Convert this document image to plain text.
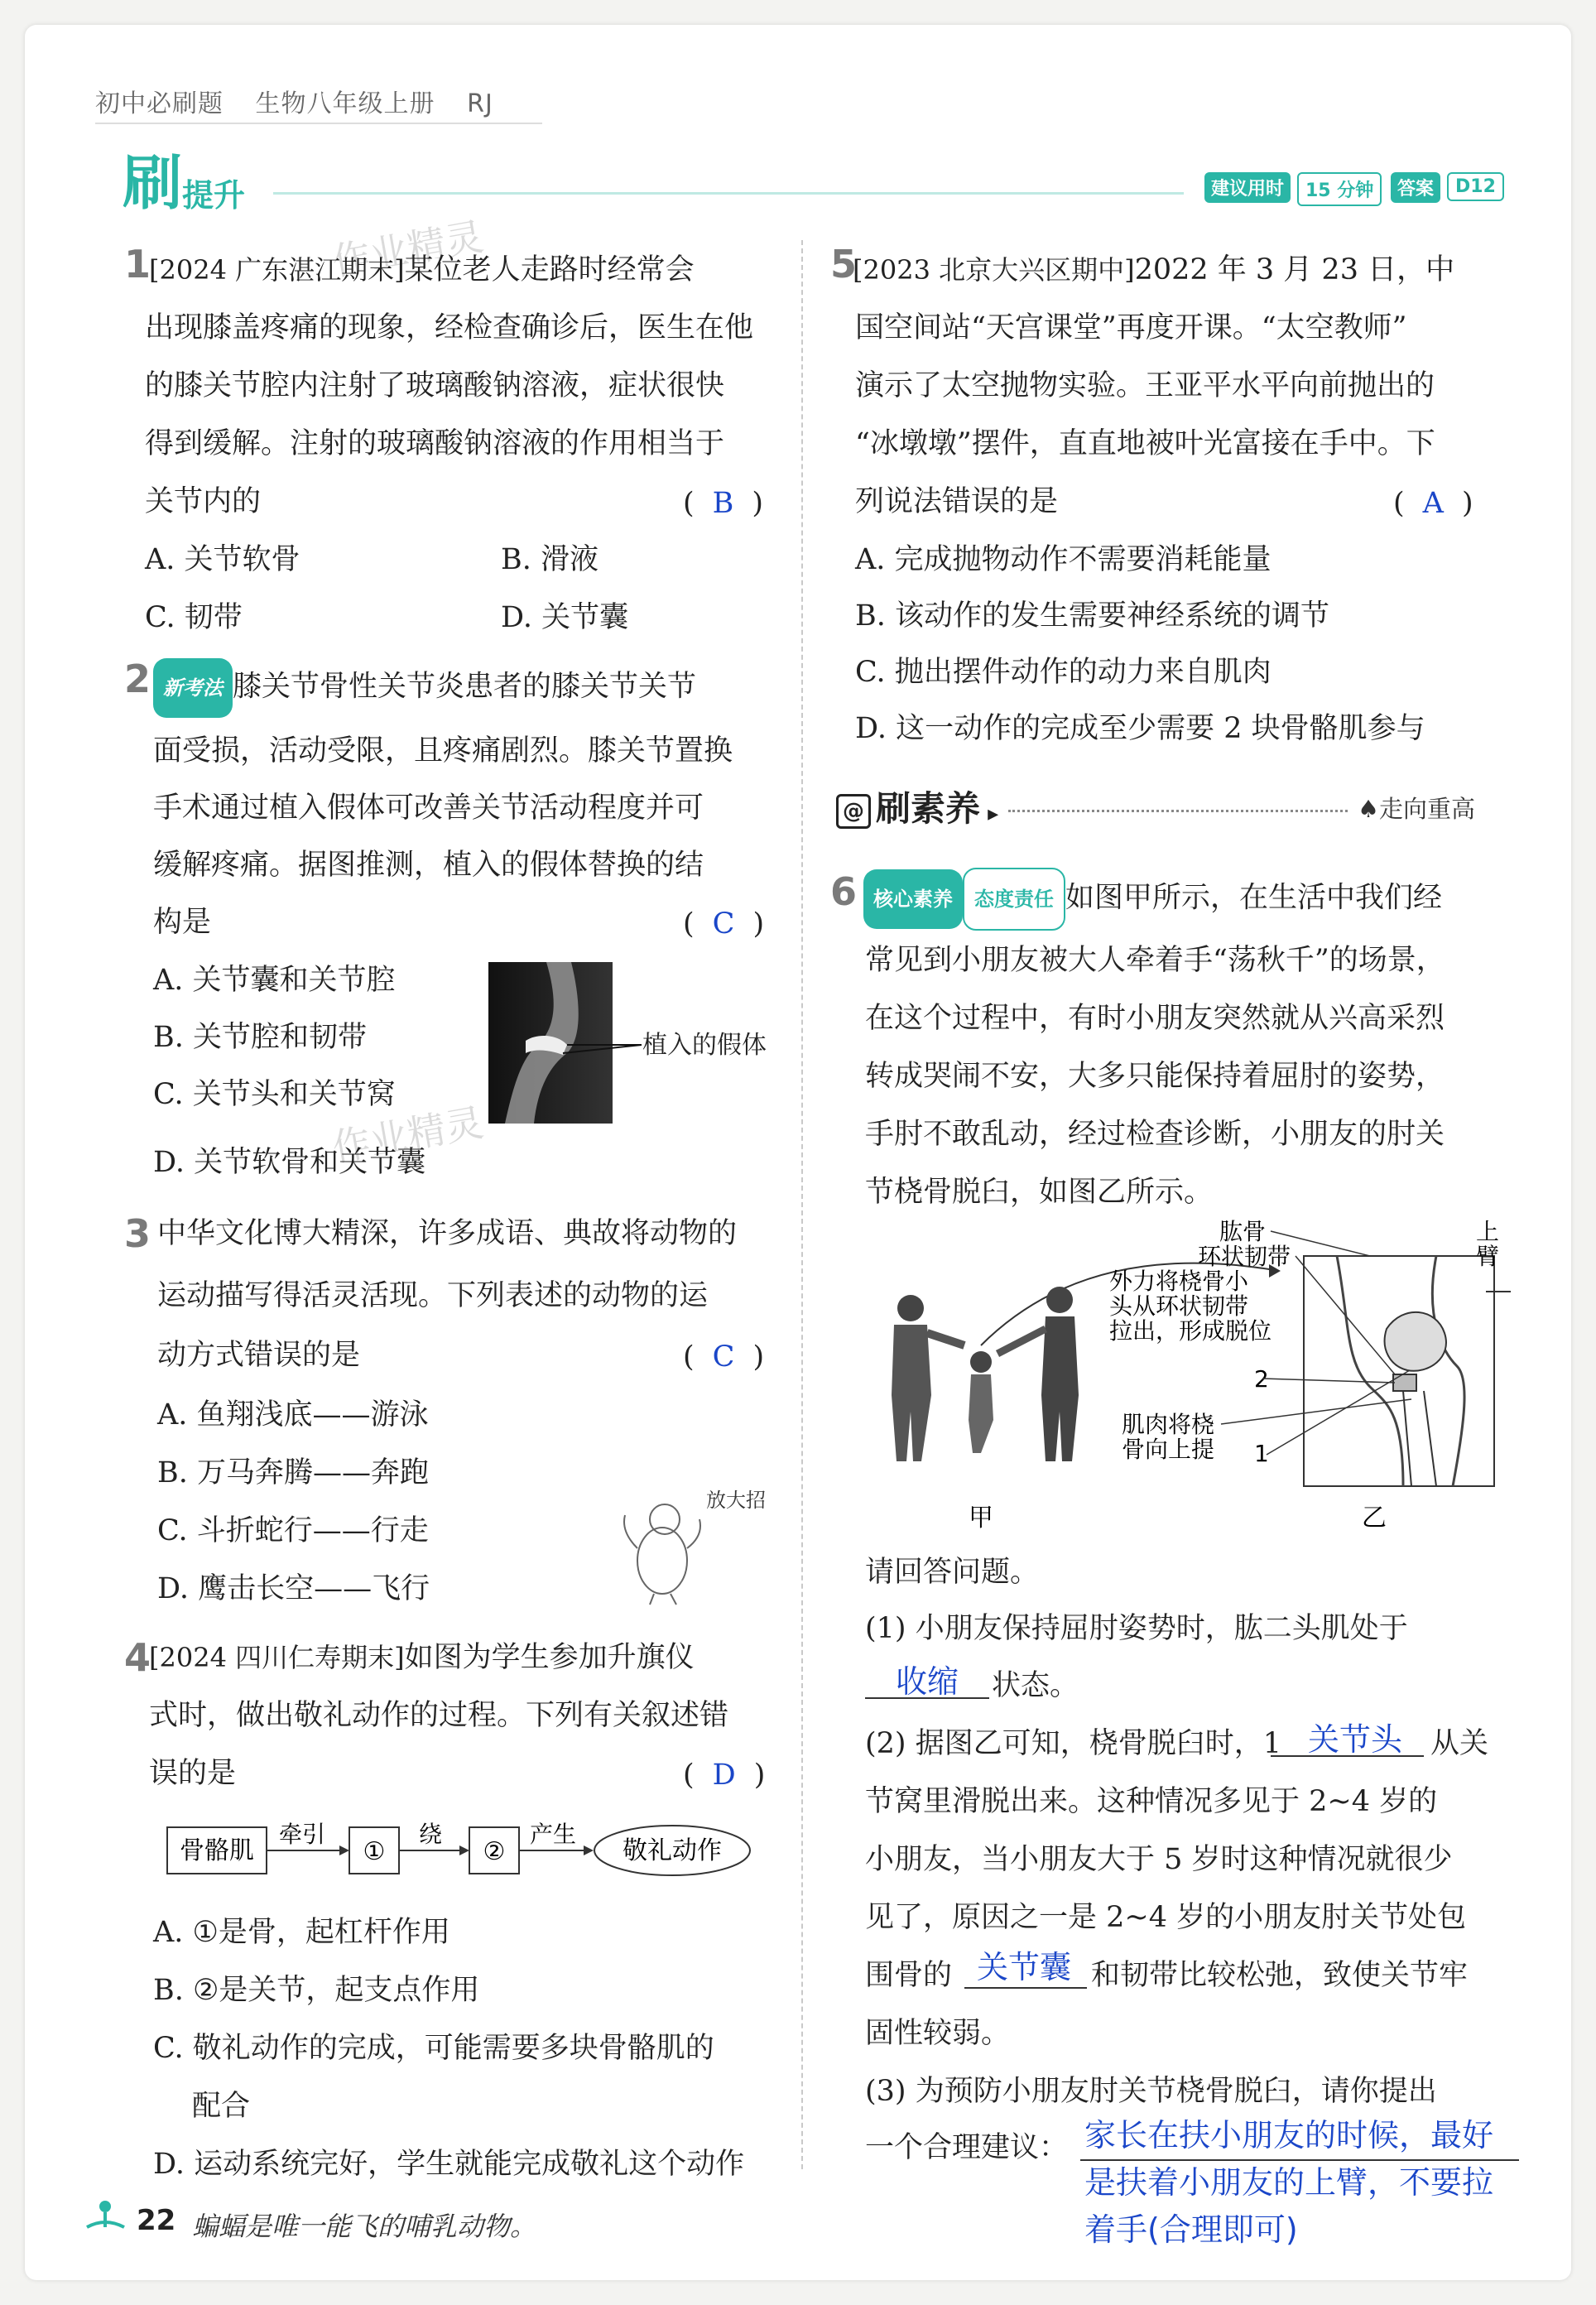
初中必刷题 生物八年级上册 RJ
刷 提升	建议用时	15 分钟	答案	D12
作业精灵
作业精灵
1
[2024 广东湛江期末]某位老人走路时经常会
出现膝盖疼痛的现象，经检查确诊后，医生在他
的膝关节腔内注射了玻璃酸钠溶液，症状很快
得到缓解。注射的玻璃酸钠溶液的作用相当于
关节内的	( B )
A. 关节软骨	B. 滑液
C. 韧带	D. 关节囊
2 新考法 膝关节骨性关节炎患者的膝关节关节
面受损，活动受限，且疼痛剧烈。膝关节置换
手术通过植入假体可改善关节活动程度并可
缓解疼痛。据图推测，植入的假体替换的结
构是	( C )
A. 关节囊和关节腔
B. 关节腔和韧带
C. 关节头和关节窝
D. 关节软骨和关节囊
植入的假体
3 中华文化博大精深，许多成语、典故将动物的
运动描写得活灵活现。下列表述的动物的运
动方式错误的是	( C )
A. 鱼翔浅底——游泳
B. 万马奔腾——奔跑
C. 斗折蛇行——行走
D. 鹰击长空——飞行
放大招
4
[2024 四川仁寿期末]如图为学生参加升旗仪
式时，做出敬礼动作的过程。下列有关叙述错
误的是	( D )
骨骼肌
牵引
①
绕
②
产生
敬礼动作
A. ①是骨，起杠杆作用
B. ②是关节，起支点作用
C. 敬礼动作的完成，可能需要多块骨骼肌的
配合
D. 运动系统完好，学生就能完成敬礼这个动作
5
[2023 北京大兴区期中]2022 年 3 月 23 日，中
国空间站“天宫课堂”再度开课。“太空教师”
演示了太空抛物实验。王亚平水平向前抛出的
“冰墩墩”摆件，直直地被叶光富接在手中。下
列说法错误的是	( A )
A. 完成抛物动作不需要消耗能量
B. 该动作的发生需要神经系统的调节
C. 抛出摆件动作的动力来自肌肉
D. 这一动作的完成至少需要 2 块骨骼肌参与
@ 刷素养 ▸	♠走向重高
6 核心素养 态度责任 如图甲所示，在生活中我们经
常见到小朋友被大人牵着手“荡秋千”的场景，
在这个过程中，有时小朋友突然就从兴高采烈
转成哭闹不安，大多只能保持着屈肘的姿势，
手肘不敢乱动，经过检查诊断，小朋友的肘关
节桡骨脱臼，如图乙所示。
甲
上
臂
肱骨
环状韧带
外力将桡骨小
头从环状韧带
拉出，形成脱位
2
肌肉将桡
骨向上提 1
乙
请回答问题。
(1) 小朋友保持屈肘姿势时，肱二头肌处于
收缩 状态。
(2) 据图乙可知，桡骨脱臼时，1 关节头 从关
节窝里滑脱出来。这种情况多见于 2~4 岁的
小朋友，当小朋友大于 5 岁时这种情况就很少
见了，原因之一是 2~4 岁的小朋友肘关节处包
围骨的 关节囊 和韧带比较松弛，致使关节牢
固性较弱。
(3) 为预防小朋友肘关节桡骨脱臼，请你提出
一个合理建议： 家长在扶小朋友的时候，最好
是扶着小朋友的上臂，不要拉
着手(合理即可)
22 蝙蝠是唯一能飞的哺乳动物。
